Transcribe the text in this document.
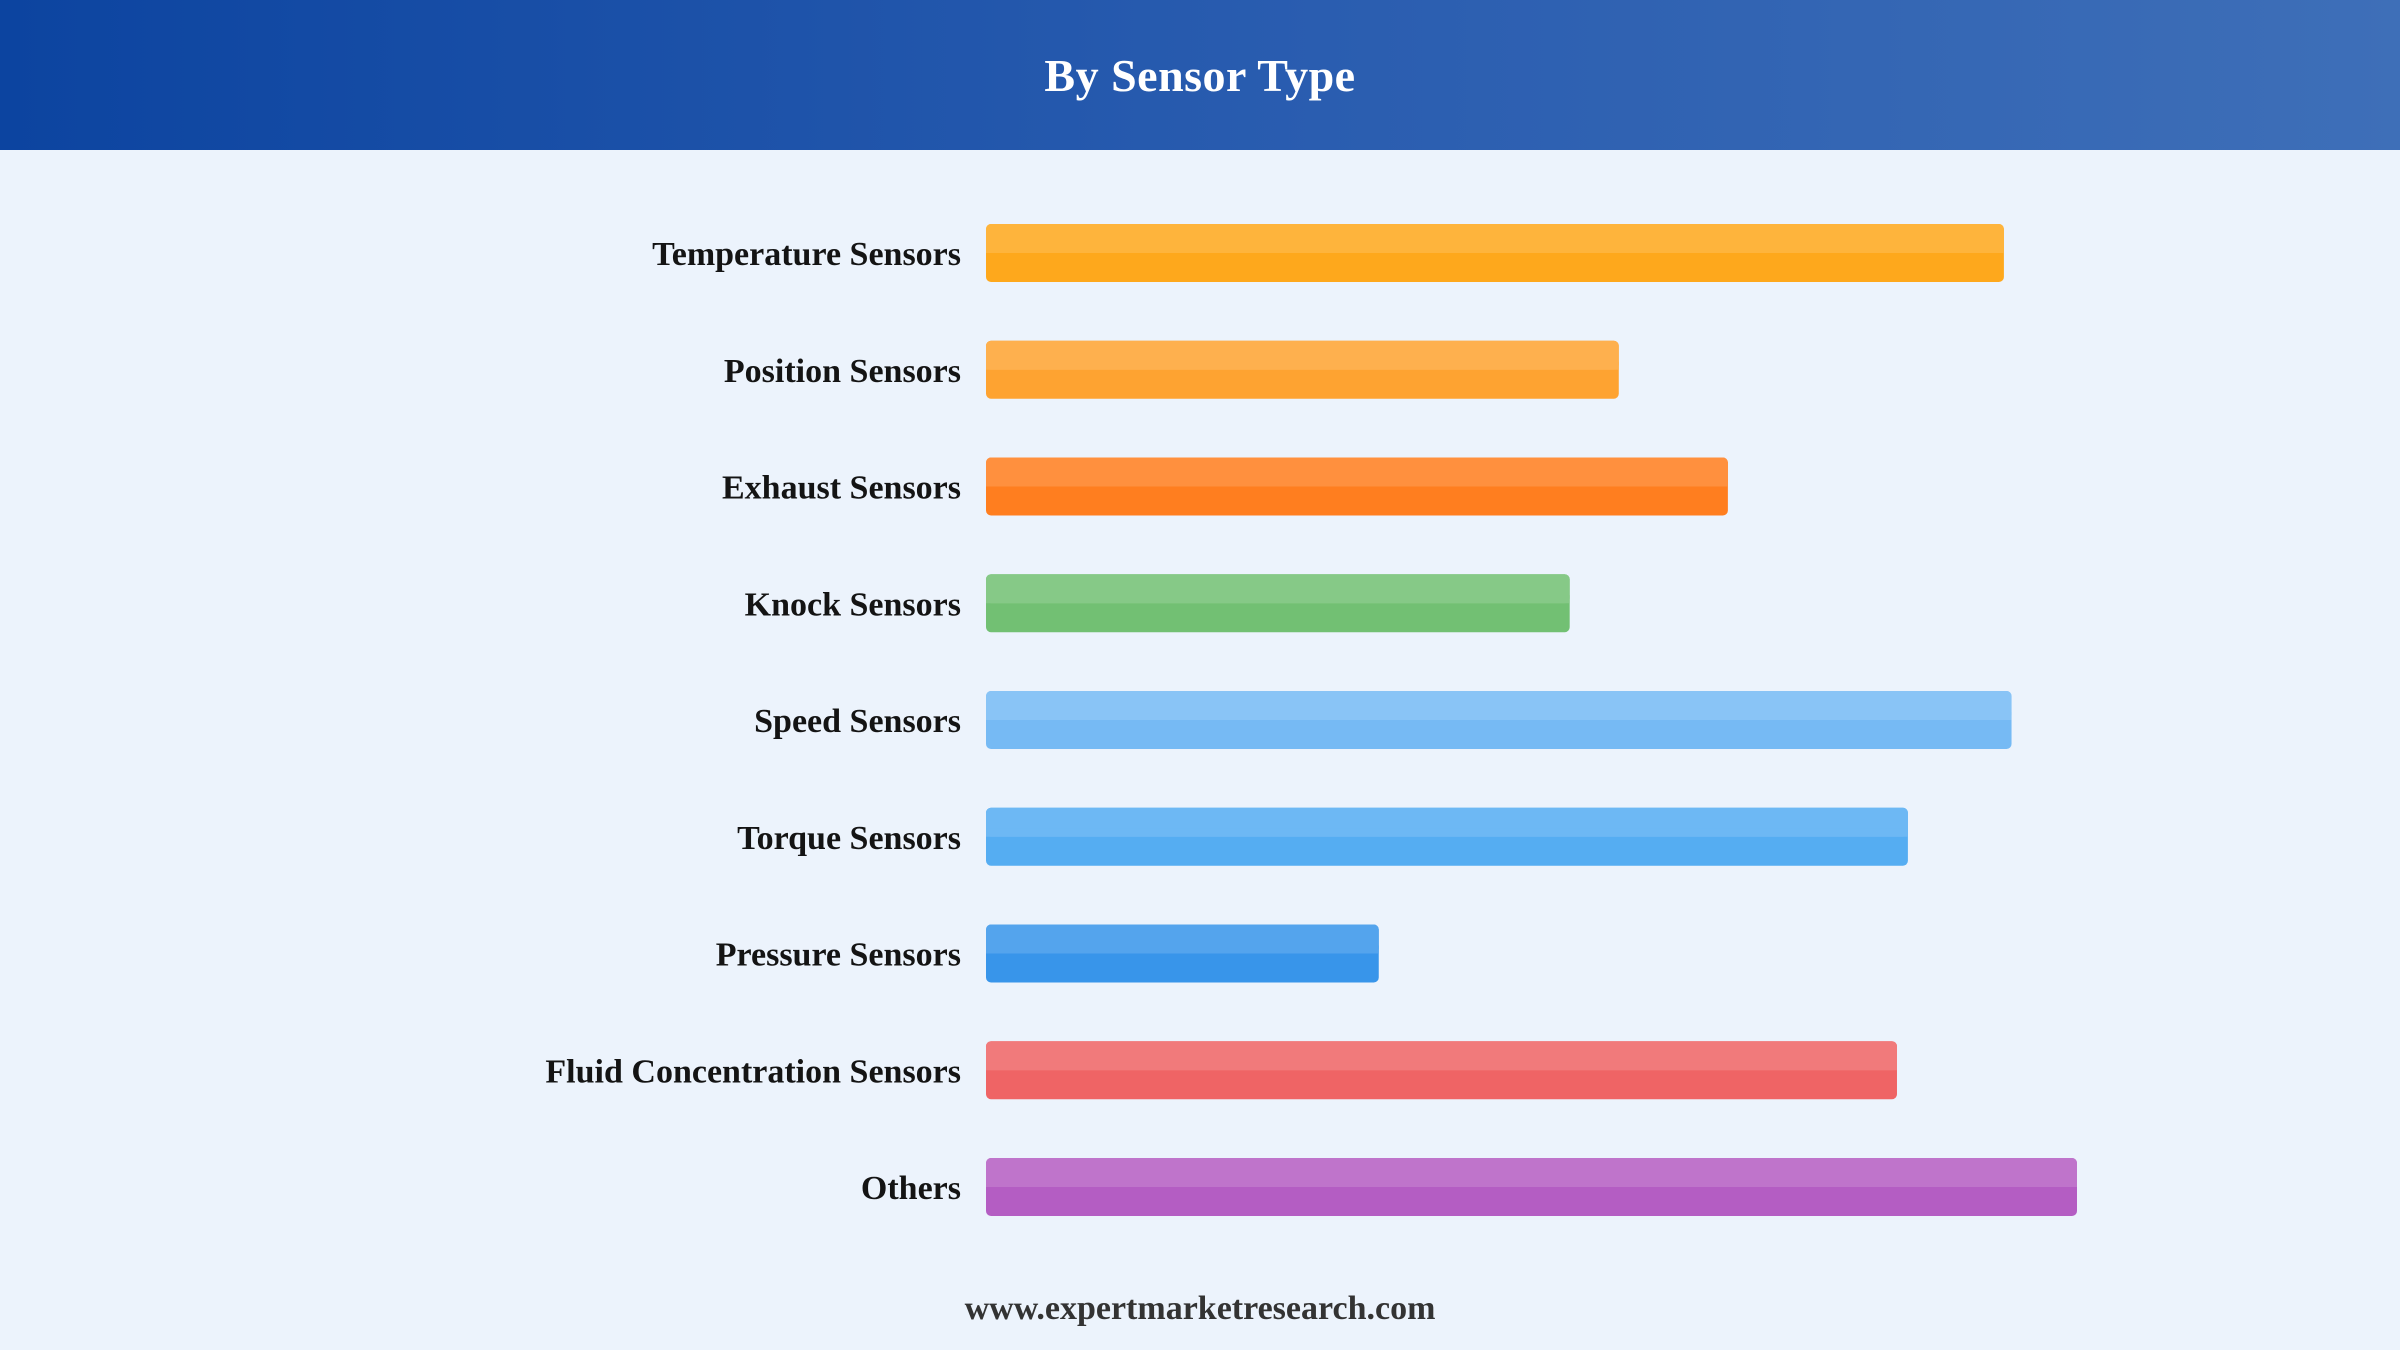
By Sensor Type
Temperature Sensors
Position Sensors
Exhaust Sensors
Knock Sensors
Speed Sensors
Torque Sensors
Pressure Sensors
Fluid Concentration Sensors
Others
www.expertmarketresearch.com
